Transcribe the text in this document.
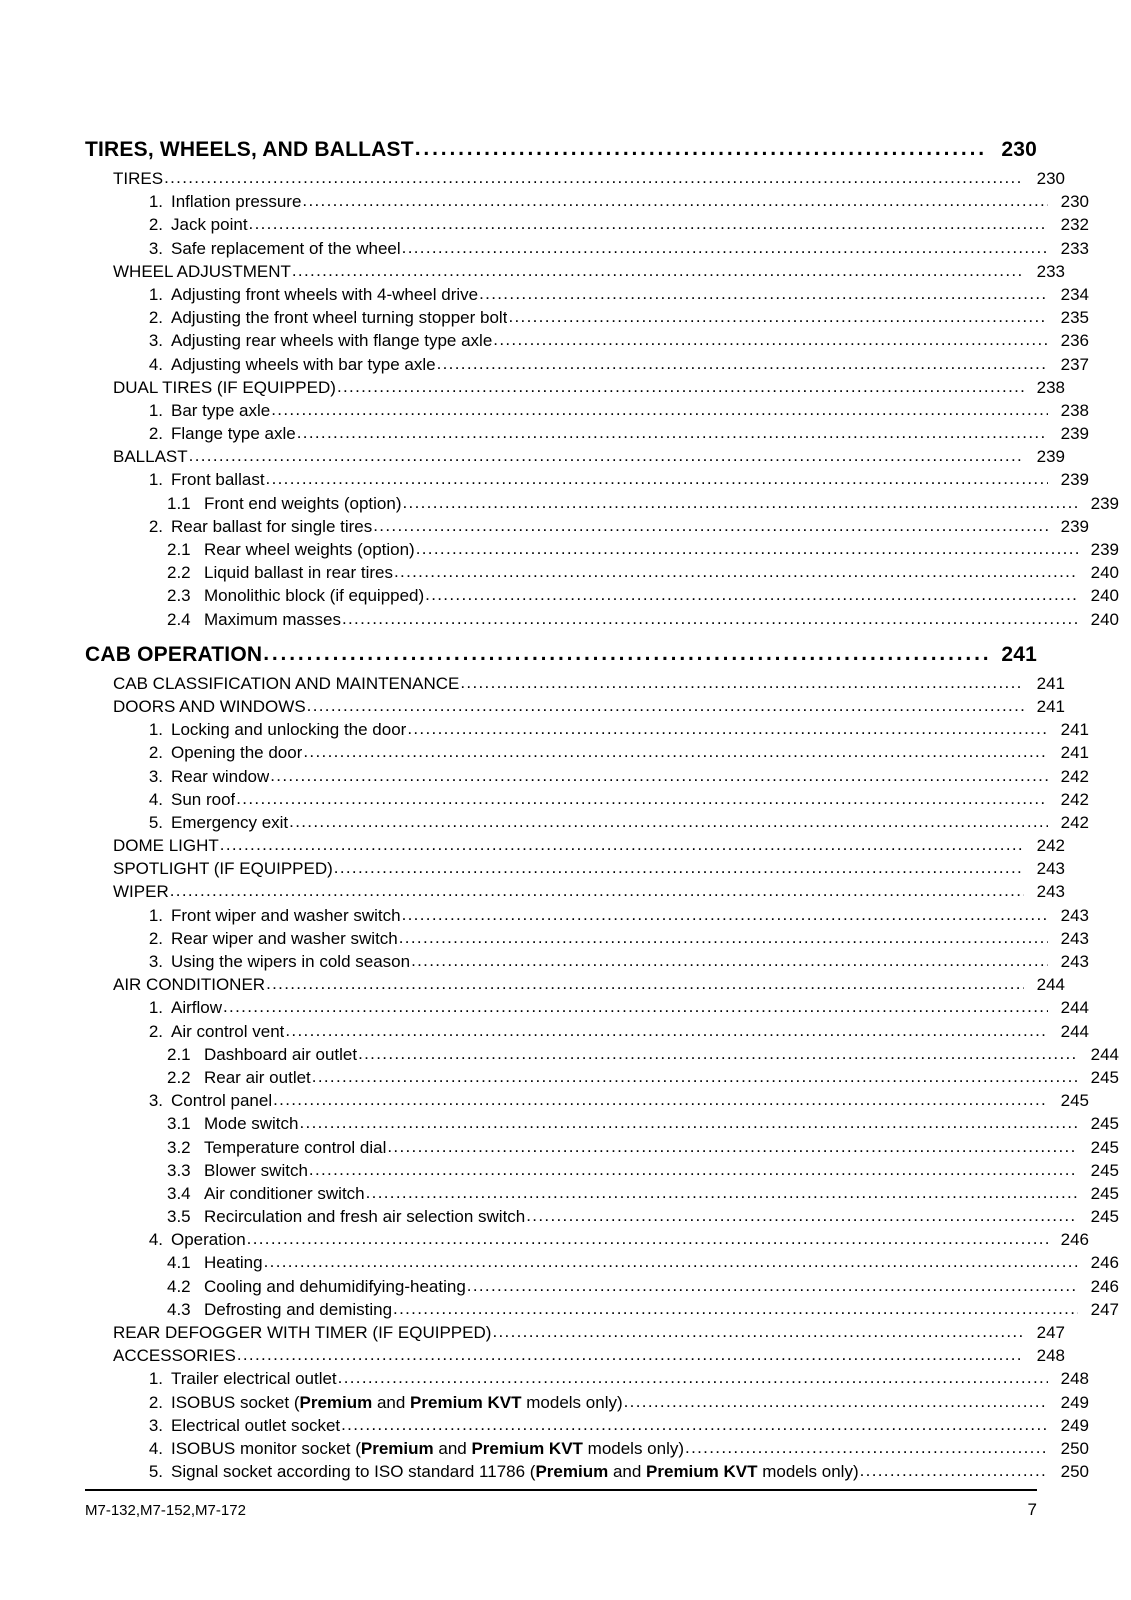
TIRES, WHEELS, AND BALLAST . . .	230
TIRES . . .	230
1. Inflation pressure . . .	230
2. Jack point . . .	232
3. Safe replacement of the wheel . . .	233
WHEEL ADJUSTMENT . . .	233
1. Adjusting front wheels with 4-wheel drive . . .	234
2. Adjusting the front wheel turning stopper bolt . . .	235
3. Adjusting rear wheels with flange type axle . . .	236
4. Adjusting wheels with bar type axle . . .	237
DUAL TIRES (IF EQUIPPED) . . .	238
1. Bar type axle . . .	238
2. Flange type axle . . .	239
BALLAST . . .	239
1. Front ballast . . .	239
1.1 Front end weights (option) . . .	239
2. Rear ballast for single tires . . .	239
2.1 Rear wheel weights (option) . . .	239
2.2 Liquid ballast in rear tires . . .	240
2.3 Monolithic block (if equipped) . . .	240
2.4 Maximum masses . . .	240
CAB OPERATION . . .	241
CAB CLASSIFICATION AND MAINTENANCE . . .	241
DOORS AND WINDOWS . . .	241
1. Locking and unlocking the door . . .	241
2. Opening the door . . .	241
3. Rear window . . .	242
4. Sun roof . . .	242
5. Emergency exit . . .	242
DOME LIGHT . . .	242
SPOTLIGHT (IF EQUIPPED) . . .	243
WIPER . . .	243
1. Front wiper and washer switch . . .	243
2. Rear wiper and washer switch . . .	243
3. Using the wipers in cold season . . .	243
AIR CONDITIONER . . .	244
1. Airflow . . .	244
2. Air control vent . . .	244
2.1 Dashboard air outlet . . .	244
2.2 Rear air outlet . . .	245
3. Control panel . . .	245
3.1 Mode switch . . .	245
3.2 Temperature control dial . . .	245
3.3 Blower switch . . .	245
3.4 Air conditioner switch . . .	245
3.5 Recirculation and fresh air selection switch . . .	245
4. Operation . . .	246
4.1 Heating . . .	246
4.2 Cooling and dehumidifying-heating . . .	246
4.3 Defrosting and demisting . . .	247
REAR DEFOGGER WITH TIMER (IF EQUIPPED) . . .	247
ACCESSORIES . . .	248
1. Trailer electrical outlet . . .	248
2. ISOBUS socket (Premium and Premium KVT models only) . . .	249
3. Electrical outlet socket . . .	249
4. ISOBUS monitor socket (Premium and Premium KVT models only) . . .	250
5. Signal socket according to ISO standard 11786 (Premium and Premium KVT models only) . . .	250
M7-132,M7-152,M7-172	7
